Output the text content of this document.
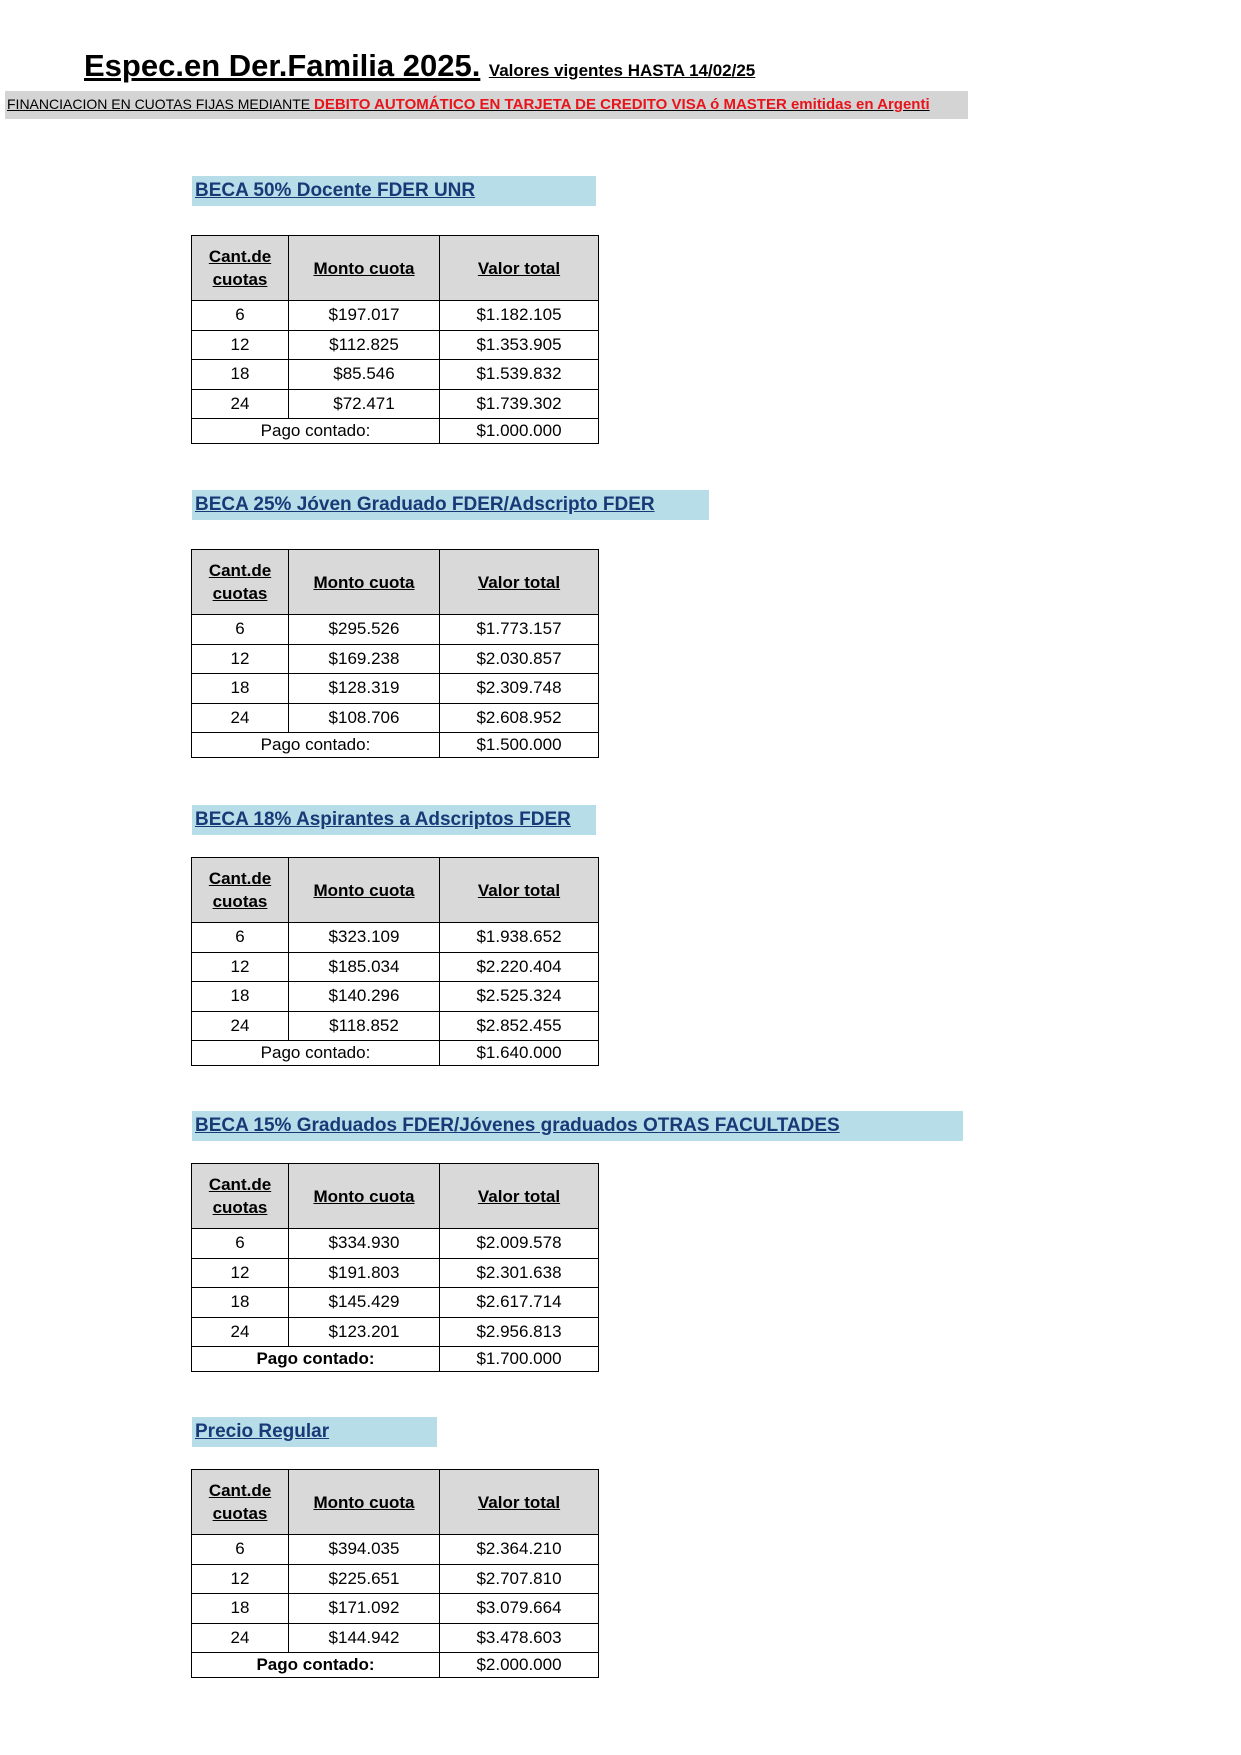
Espec.en Der.Familia 2025. Valores vigentes HASTA 14/02/25
FINANCIACION EN CUOTAS FIJAS MEDIANTE DEBITO AUTOMÁTICO EN TARJETA DE CREDITO VISA ó MASTER emitidas en Argenti
BECA 50% Docente FDER UNR
Cant.de cuotas	Monto cuota	Valor total
6	$197.017	$1.182.105
12	$112.825	$1.353.905
18	$85.546	$1.539.832
24	$72.471	$1.739.302
Pago contado:		$1.000.000
BECA 25% Jóven Graduado FDER/Adscripto FDER
Cant.de cuotas	Monto cuota	Valor total
6	$295.526	$1.773.157
12	$169.238	$2.030.857
18	$128.319	$2.309.748
24	$108.706	$2.608.952
Pago contado:		$1.500.000
BECA 18% Aspirantes a Adscriptos FDER
Cant.de cuotas	Monto cuota	Valor total
6	$323.109	$1.938.652
12	$185.034	$2.220.404
18	$140.296	$2.525.324
24	$118.852	$2.852.455
Pago contado:		$1.640.000
BECA 15% Graduados FDER/Jóvenes graduados OTRAS FACULTADES
Cant.de cuotas	Monto cuota	Valor total
6	$334.930	$2.009.578
12	$191.803	$2.301.638
18	$145.429	$2.617.714
24	$123.201	$2.956.813
Pago contado:		$1.700.000
Precio Regular
Cant.de cuotas	Monto cuota	Valor total
6	$394.035	$2.364.210
12	$225.651	$2.707.810
18	$171.092	$3.079.664
24	$144.942	$3.478.603
Pago contado:		$2.000.000
